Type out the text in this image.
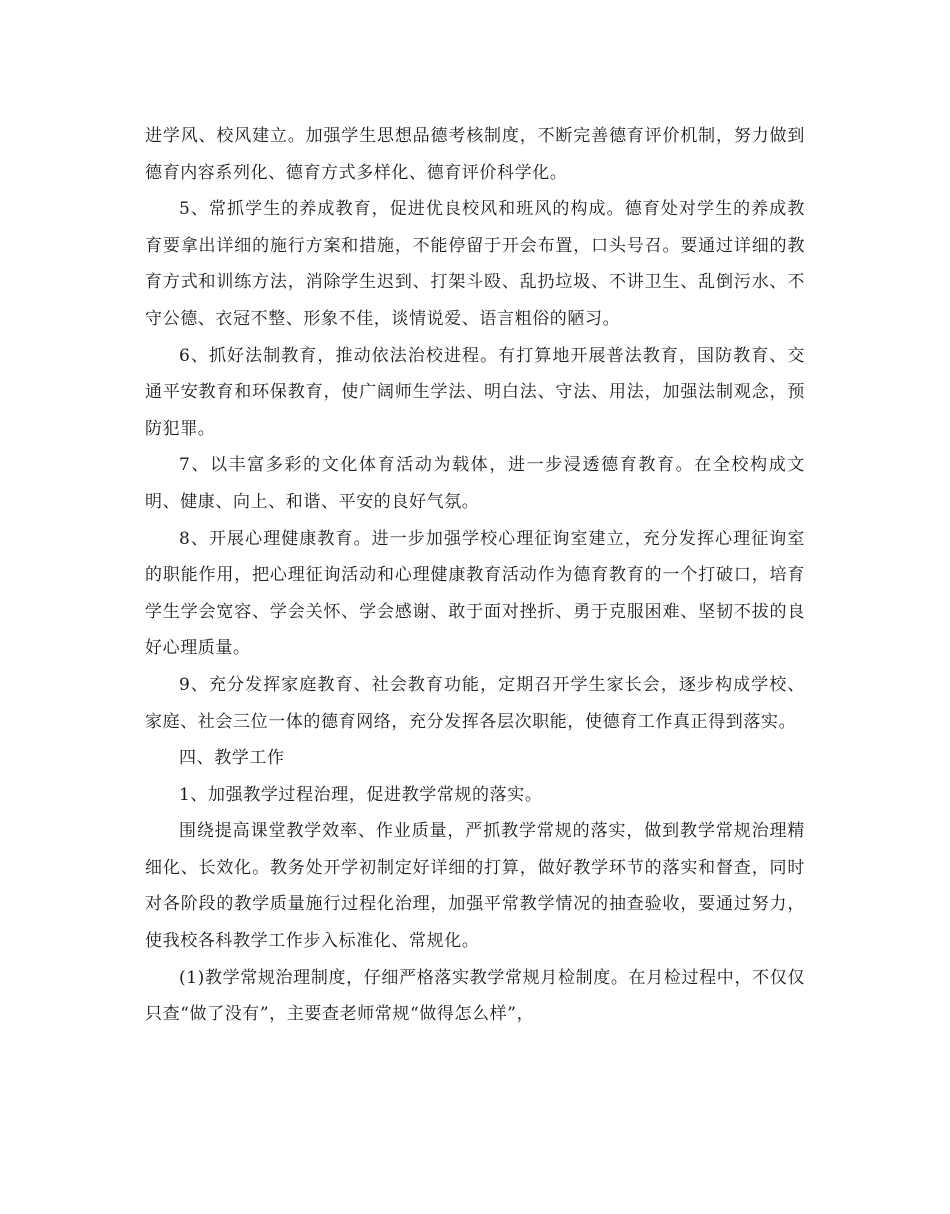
进学风、校风建立。加强学生思想品德考核制度，不断完善德育评价机制，努力做到德育内容系列化、德育方式多样化、德育评价科学化。

5、常抓学生的养成教育，促进优良校风和班风的构成。德育处对学生的养成教育要拿出详细的施行方案和措施，不能停留于开会布置，口头号召。要通过详细的教育方式和训练方法，消除学生迟到、打架斗殴、乱扔垃圾、不讲卫生、乱倒污水、不守公德、衣冠不整、形象不佳，谈情说爱、语言粗俗的陋习。

6、抓好法制教育，推动依法治校进程。有打算地开展普法教育，国防教育、交通平安教育和环保教育，使广阔师生学法、明白法、守法、用法，加强法制观念，预防犯罪。

7、以丰富多彩的文化体育活动为载体，进一步浸透德育教育。在全校构成文明、健康、向上、和谐、平安的良好气氛。

8、开展心理健康教育。进一步加强学校心理征询室建立，充分发挥心理征询室的职能作用，把心理征询活动和心理健康教育活动作为德育教育的一个打破口，培育学生学会宽容、学会关怀、学会感谢、敢于面对挫折、勇于克服困难、坚韧不拔的良好心理质量。

9、充分发挥家庭教育、社会教育功能，定期召开学生家长会，逐步构成学校、家庭、社会三位一体的德育网络，充分发挥各层次职能，使德育工作真正得到落实。

四、教学工作

1、加强教学过程治理，促进教学常规的落实。

围绕提高课堂教学效率、作业质量，严抓教学常规的落实，做到教学常规治理精细化、长效化。教务处开学初制定好详细的打算，做好教学环节的落实和督查，同时对各阶段的教学质量施行过程化治理，加强平常教学情况的抽查验收，要通过努力，使我校各科教学工作步入标准化、常规化。

(1)教学常规治理制度，仔细严格落实教学常规月检制度。在月检过程中，不仅仅只查“做了没有”，主要查老师常规“做得怎么样”，
